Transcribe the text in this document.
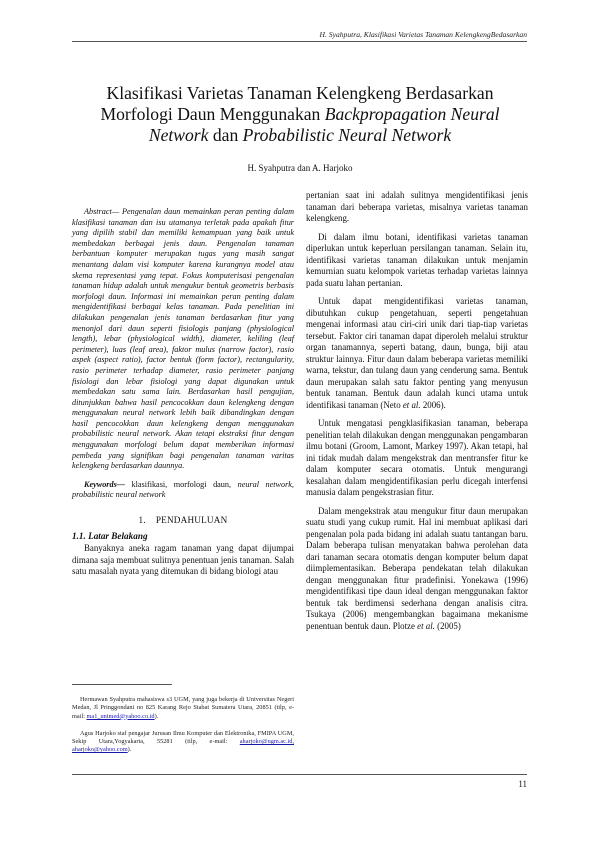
H. Syahputra, Klasifikasi Varietas Tanaman KelengkengBedasarkan
Klasifikasi Varietas Tanaman Kelengkeng Berdasarkan
Morfologi Daun Menggunakan Backpropagation Neural
Network dan Probabilistic Neural Network
H. Syahputra dan A. Harjoko

Abstract— Pengenalan daun memainkan peran penting dalam klasifikasi tanaman dan isu utamanya terletak pada apakah fitur yang dipilih stabil dan memiliki kemampuan yang baik untuk membedakan berbagai jenis daun. Pengenalan tanaman berbantuan komputer merupakan tugas yang masih sangat menantang dalam visi komputer karena kurangnya model atau skema representasi yang tepat. Fokus komputerisasi pengenalan tanaman hidup adalah untuk mengukur bentuk geometris berbasis morfologi daun. Informasi ini memainkan peran penting dalam mengidentifikasi berbagai kelas tanaman. Pada penelitian ini dilakukan pengenalan jenis tanaman berdasarkan fitur yang menonjol dari daun seperti fisiologis panjang (physiological length), lebar (physiological width), diameter, keliling (leaf perimeter), luas (leaf area), faktor mulus (narrow factor), rasio aspek (aspect ratio), factor bentuk (form factor), rectangularity, rasio perimeter terhadap diameter, rasio perimeter panjang fisiologi dan lebar fisiologi yang dapat digunakan untuk membedakan satu sama lain. Berdasarkan hasil pengujian, ditunjukkan bahwa hasil pencocokkan daun kelengkeng dengan menggunakan neural network lebih baik dibandingkan dengan hasil pencocokkan daun kelengkeng dengan menggunakan probabilistic neural network. Akan tetapi ekstraksi fitur dengan menggunakan morfologi belum dapat memberikan informasi pembeda yang signifikan bagi pengenalan tanaman varitas kelengkeng berdasarkan daunnya.

Keywords— klasifikasi, morfologi daun, neural network, probabilistic neural network

1. PENDAHULUAN
1.1. Latar Belakang

Banyaknya aneka ragam tanaman yang dapat dijumpai dimana saja membuat sulitnya penentuan jenis tanaman. Salah satu masalah nyata yang ditemukan di bidang biologi atau

Hermawan Syahputra mahasiswa s3 UGM, yang juga bekerja di Universitas Negeri Medan, Jl Pringgondani no 825 Karang Rejo Stabat Sumatera Utara, 20851 (tilp, e-mail: ma1_unimed@yahoo.co.id).

Agus Harjoko staf pengajar Jurusan Ilmu Komputer dan Elektronika, FMIPA UGM, Sekip Utara,Yogyakarta, 55281 (tilp, e-mail: aharjoko@ugm.ac.id, aharjoko@yahoo.com).

pertanian saat ini adalah sulitnya mengidentifikasi jenis tanaman dari beberapa varietas, misalnya varietas tanaman kelengkeng.

Di dalam ilmu botani, identifikasi varietas tanaman diperlukan untuk keperluan persilangan tanaman. Selain itu, identifikasi varietas tanaman dilakukan untuk menjamin kemurnian suatu kelompok varietas terhadap varietas lainnya pada suatu lahan pertanian.

Untuk dapat mengidentifikasi varietas tanaman, dibutuhkan cukup pengetahuan, seperti pengetahuan mengenai informasi atau ciri-ciri unik dari tiap-tiap varietas tersebut. Faktor ciri tanaman dapat diperoleh melalui struktur organ tanamannya, seperti batang, daun, bunga, biji atau struktur lainnya. Fitur daun dalam beberapa varietas memiliki warna, tekstur, dan tulang daun yang cenderung sama. Bentuk daun merupakan salah satu faktor penting yang menyusun bentuk tanaman. Bentuk daun adalah kunci utama untuk identifikasi tanaman (Neto et al. 2006).

Untuk mengatasi pengklasifikasian tanaman, beberapa penelitian telah dilakukan dengan menggunakan pengambaran ilmu botani (Groom, Lamont, Markey 1997). Akan tetapi, hal ini tidak mudah dalam mengekstrak dan mentransfer fitur ke dalam komputer secara otomatis. Untuk mengurangi kesalahan dalam mengidentifikasian perlu dicegah interfensi manusia dalam pengekstrasian fitur.

Dalam mengekstrak atau mengukur fitur daun merupakan suatu studi yang cukup rumit. Hal ini membuat aplikasi dari pengenalan pola pada bidang ini adalah suatu tantangan baru. Dalam beberapa tulisan menyatakan bahwa perolehan data dari tanaman secara otomatis dengan komputer belum dapat diimplementasikan. Beberapa pendekatan telah dilakukan dengan menggunakan fitur pradefinisi. Yonekawa (1996) mengidentifikasi tipe daun ideal dengan menggunakan faktor bentuk tak berdimensi sederhana dengan analisis citra. Tsukaya (2006) mengembangkan bagaimana mekanisme penentuan bentuk daun. Plotze et al. (2005)

11
